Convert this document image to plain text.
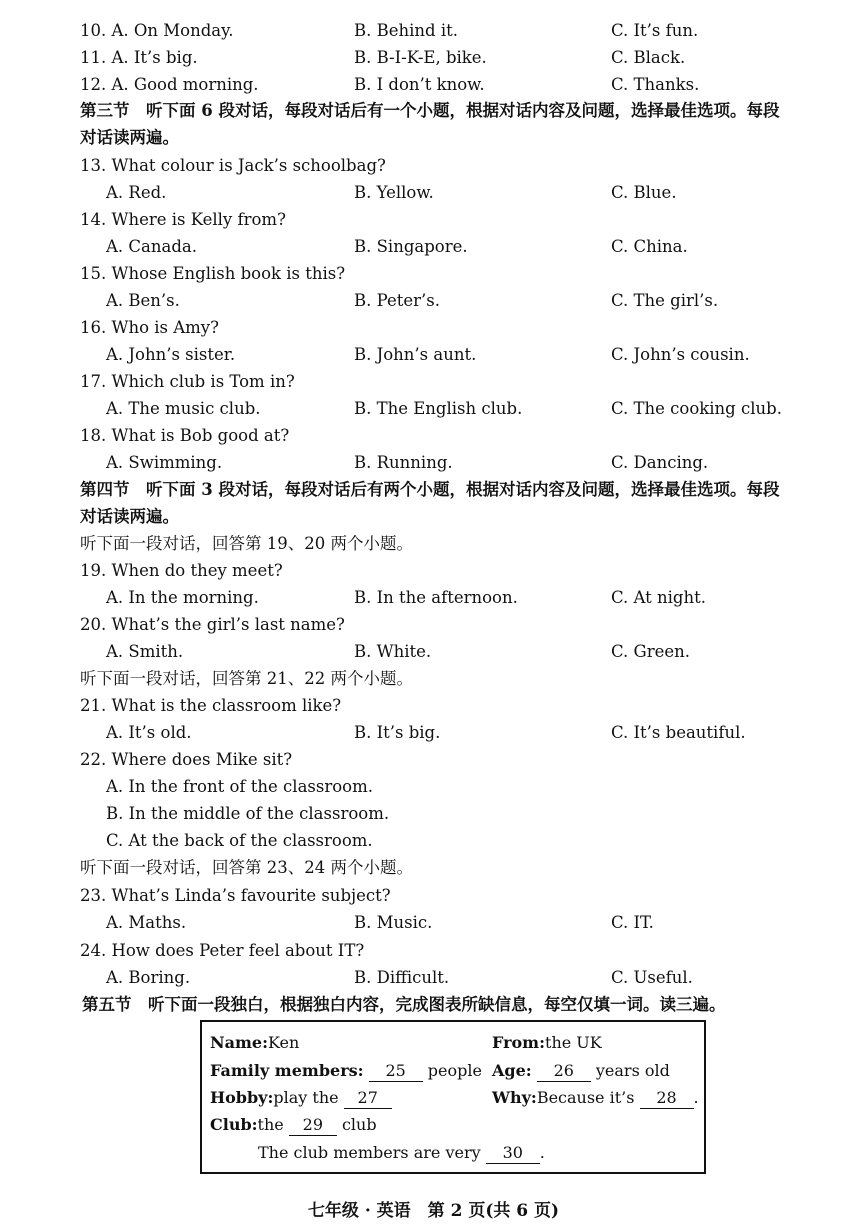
10. A. On Monday.	B. Behind it.	C. It’s fun.
11. A. It’s big.	B. B-I-K-E, bike.	C. Black.
12. A. Good morning.	B. I don’t know.	C. Thanks.
第三节　听下面 6 段对话，每段对话后有一个小题，根据对话内容及问题，选择最佳选项。每段
对话读两遍。
13. What colour is Jack’s schoolbag?
A. Red.	B. Yellow.	C. Blue.
14. Where is Kelly from?
A. Canada.	B. Singapore.	C. China.
15. Whose English book is this?
A. Ben’s.	B. Peter’s.	C. The girl’s.
16. Who is Amy?
A. John’s sister.	B. John’s aunt.	C. John’s cousin.
17. Which club is Tom in?
A. The music club.	B. The English club.	C. The cooking club.
18. What is Bob good at?
A. Swimming.	B. Running.	C. Dancing.
第四节　听下面 3 段对话，每段对话后有两个小题，根据对话内容及问题，选择最佳选项。每段
对话读两遍。
听下面一段对话，回答第 19、20 两个小题。
19. When do they meet?
A. In the morning.	B. In the afternoon.	C. At night.
20. What’s the girl’s last name?
A. Smith.	B. White.	C. Green.
听下面一段对话，回答第 21、22 两个小题。
21. What is the classroom like?
A. It’s old.	B. It’s big.	C. It’s beautiful.
22. Where does Mike sit?
A. In the front of the classroom.
B. In the middle of the classroom.
C. At the back of the classroom.
听下面一段对话，回答第 23、24 两个小题。
23. What’s Linda’s favourite subject?
A. Maths.	B. Music.	C. IT.
24. How does Peter feel about IT?
A. Boring.	B. Difficult.	C. Useful.
第五节　听下面一段独白，根据独白内容，完成图表所缺信息，每空仅填一词。读三遍。
Name:Ken	From:the UK
Family members: 25 people Age: 26 years old
Hobby:play the 27	Why:Because it’s 28 .
Club:the 29 club
The club members are very 30 .
七年级 · 英语　第 2 页(共 6 页)
